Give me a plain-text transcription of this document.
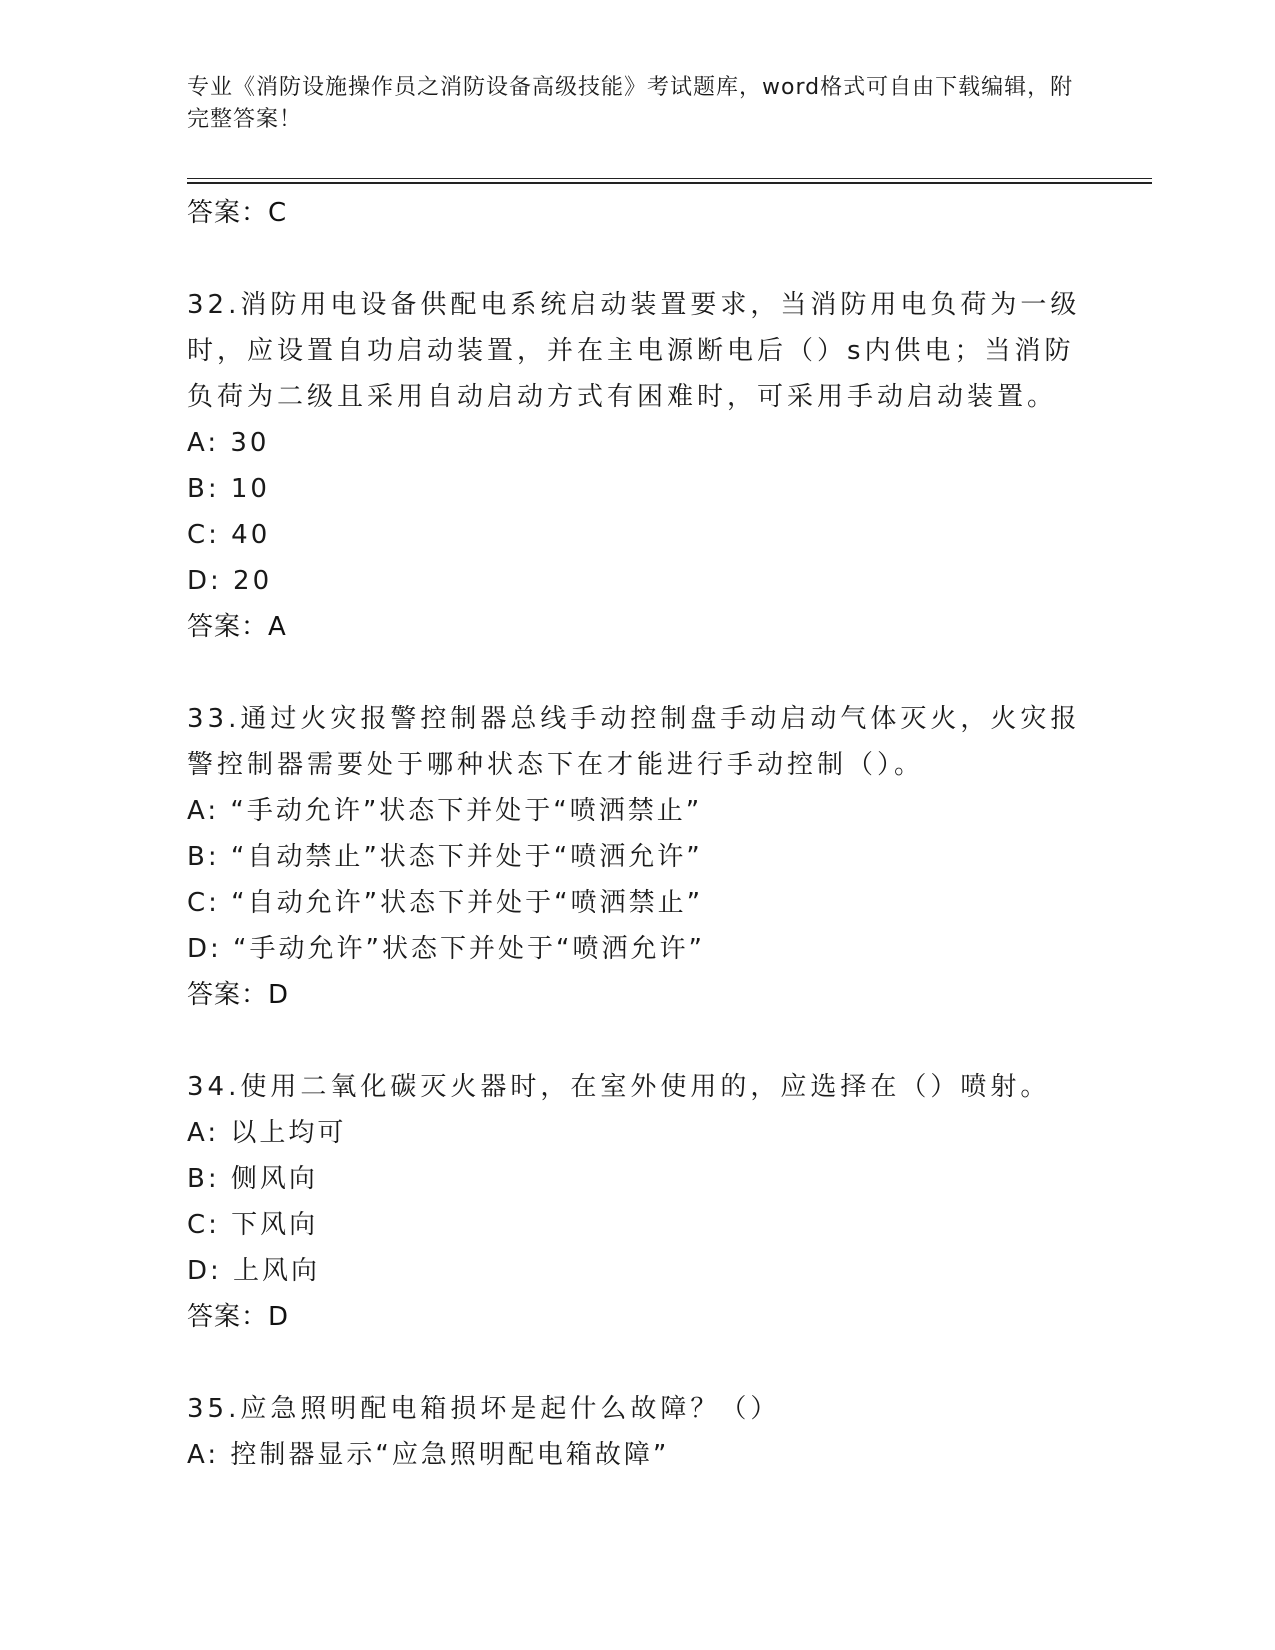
专业《消防设施操作员之消防设备高级技能》考试题库，word格式可自由下载编辑，附完整答案！
答案：C
32.消防用电设备供配电系统启动装置要求，当消防用电负荷为一级时，应设置自功启动装置，并在主电源断电后（）s内供电；当消防负荷为二级且采用自动启动方式有困难时，可采用手动启动装置。
A: 30
B: 10
C: 40
D: 20
答案：A
33.通过火灾报警控制器总线手动控制盘手动启动气体灭火，火灾报警控制器需要处于哪种状态下在才能进行手动控制（）。
A: “手动允许”状态下并处于“喷洒禁止”
B: “自动禁止”状态下并处于“喷洒允许”
C: “自动允许”状态下并处于“喷洒禁止”
D: “手动允许”状态下并处于“喷洒允许”
答案：D
34.使用二氧化碳灭火器时，在室外使用的，应选择在（）喷射。
A: 以上均可
B: 侧风向
C: 下风向
D: 上风向
答案：D
35.应急照明配电箱损坏是起什么故障？（）
A: 控制器显示“应急照明配电箱故障”
